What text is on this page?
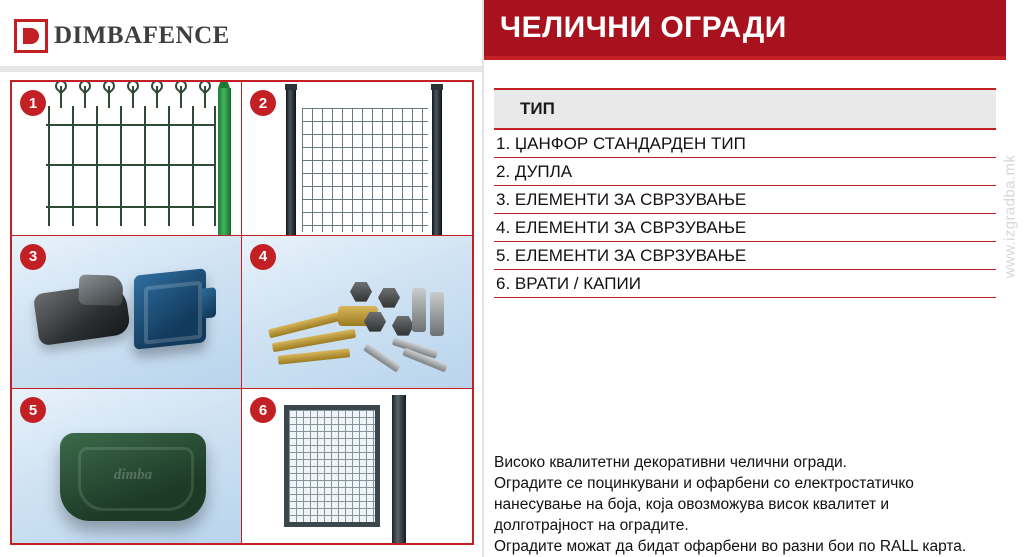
DIMBAFENCE
1	2
3	4
dimba
5	6
ЧЕЛИЧНИ ОГРАДИ
ТИП
1. ЏАНФОР СТАНДАРДЕН ТИП
2. ДУПЛА
3. ЕЛЕМЕНТИ ЗА СВРЗУВАЊЕ
4. ЕЛЕМЕНТИ ЗА СВРЗУВАЊЕ
5. ЕЛЕМЕНТИ ЗА СВРЗУВАЊЕ
6. ВРАТИ / КАПИИ

Високо квалитетни декоративни челични огради.

Оградите се поцинкувани и офарбени со електростатичко

нанесување на боја, која овозможува висок квалитет и

долготрајност на оградите.

Оградите можат да бидат офарбени во разни бои по RALL карта.

www.izgradba.mk
